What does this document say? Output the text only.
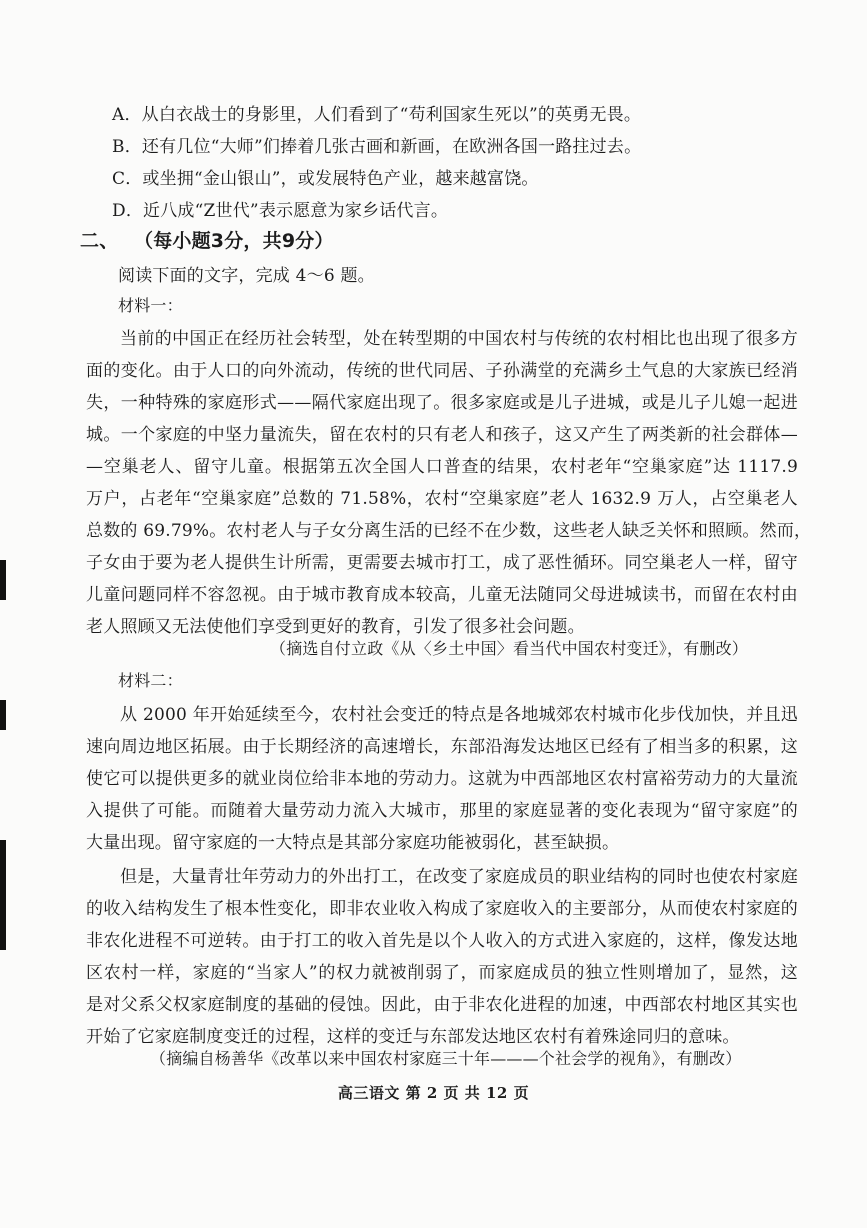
A．从白衣战士的身影里，人们看到了“苟利国家生死以”的英勇无畏。
B．还有几位“大师”们捧着几张古画和新画，在欧洲各国一路拄过去。
C．或坐拥“金山银山”，或发展特色产业，越来越富饶。
D．近八成“Z世代”表示愿意为家乡话代言。
二、 （每小题3分，共9分）
阅读下面的文字，完成 4～6 题。
材料一：
当前的中国正在经历社会转型，处在转型期的中国农村与传统的农村相比也出现了很多方
面的变化。由于人口的向外流动，传统的世代同居、子孙满堂的充满乡土气息的大家族已经消
失，一种特殊的家庭形式——隔代家庭出现了。很多家庭或是儿子进城，或是儿子儿媳一起进
城。一个家庭的中坚力量流失，留在农村的只有老人和孩子，这又产生了两类新的社会群体—
—空巢老人、留守儿童。根据第五次全国人口普查的结果，农村老年“空巢家庭”达 1117.9
万户，占老年“空巢家庭”总数的 71.58%，农村“空巢家庭”老人 1632.9 万人，占空巢老人
总数的 69.79%。农村老人与子女分离生活的已经不在少数，这些老人缺乏关怀和照顾。然而，
子女由于要为老人提供生计所需，更需要去城市打工，成了恶性循环。同空巢老人一样，留守
儿童问题同样不容忽视。由于城市教育成本较高，儿童无法随同父母进城读书，而留在农村由
老人照顾又无法使他们享受到更好的教育，引发了很多社会问题。
（摘选自付立政《从〈乡土中国〉看当代中国农村变迁》，有删改）
材料二：
从 2000 年开始延续至今，农村社会变迁的特点是各地城郊农村城市化步伐加快，并且迅
速向周边地区拓展。由于长期经济的高速增长，东部沿海发达地区已经有了相当多的积累，这
使它可以提供更多的就业岗位给非本地的劳动力。这就为中西部地区农村富裕劳动力的大量流
入提供了可能。而随着大量劳动力流入大城市，那里的家庭显著的变化表现为“留守家庭”的
大量出现。留守家庭的一大特点是其部分家庭功能被弱化，甚至缺损。
但是，大量青壮年劳动力的外出打工，在改变了家庭成员的职业结构的同时也使农村家庭
的收入结构发生了根本性变化，即非农业收入构成了家庭收入的主要部分，从而使农村家庭的
非农化进程不可逆转。由于打工的收入首先是以个人收入的方式进入家庭的，这样，像发达地
区农村一样，家庭的“当家人”的权力就被削弱了，而家庭成员的独立性则增加了，显然，这
是对父系父权家庭制度的基础的侵蚀。因此，由于非农化进程的加速，中西部农村地区其实也
开始了它家庭制度变迁的过程，这样的变迁与东部发达地区农村有着殊途同归的意味。
（摘编自杨善华《改革以来中国农村家庭三十年———个社会学的视角》，有删改）
高三语文 第 2 页 共 12 页
